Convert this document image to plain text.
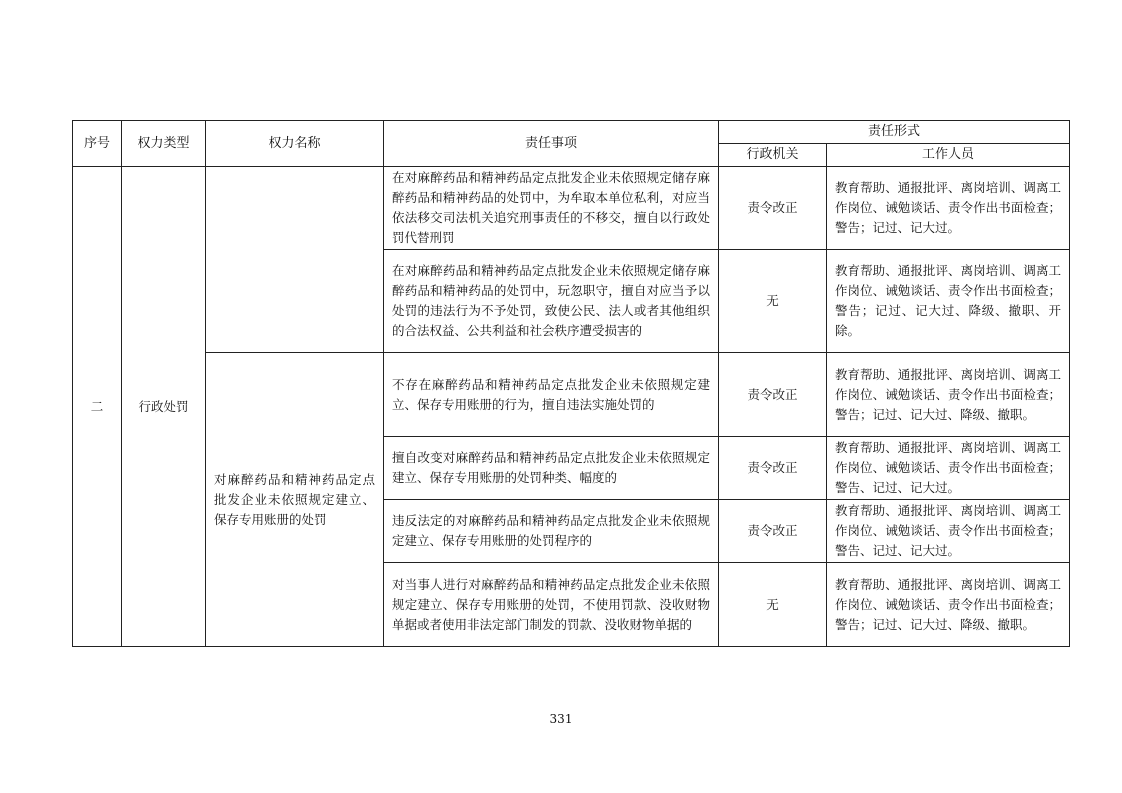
序号	权力类型	权力名称	责任事项	责任形式	
				行政机关	工作人员
二	行政处罚		在对麻醉药品和精神药品定点批发企业未依照规定储存麻醉药品和精神药品的处罚中，为牟取本单位私利，对应当依法移交司法机关追究刑事责任的不移交，擅自以行政处罚代替刑罚	责令改正	教育帮助、通报批评、离岗培训、调离工作岗位、诫勉谈话、责令作出书面检查；警告；记过、记大过。
			在对麻醉药品和精神药品定点批发企业未依照规定储存麻醉药品和精神药品的处罚中，玩忽职守，擅自对应当予以处罚的违法行为不予处罚，致使公民、法人或者其他组织的合法权益、公共利益和社会秩序遭受损害的	无	教育帮助、通报批评、离岗培训、调离工作岗位、诫勉谈话、责令作出书面检查；警告；记过、记大过、降级、撤职、开除。
		对麻醉药品和精神药品定点批发企业未依照规定建立、保存专用账册的处罚	不存在麻醉药品和精神药品定点批发企业未依照规定建立、保存专用账册的行为，擅自违法实施处罚的	责令改正	教育帮助、通报批评、离岗培训、调离工作岗位、诫勉谈话、责令作出书面检查；警告；记过、记大过、降级、撤职。
			擅自改变对麻醉药品和精神药品定点批发企业未依照规定建立、保存专用账册的处罚种类、幅度的	责令改正	教育帮助、通报批评、离岗培训、调离工作岗位、诫勉谈话、责令作出书面检查；警告、记过、记大过。
			违反法定的对麻醉药品和精神药品定点批发企业未依照规定建立、保存专用账册的处罚程序的	责令改正	教育帮助、通报批评、离岗培训、调离工作岗位、诫勉谈话、责令作出书面检查；警告、记过、记大过。
			对当事人进行对麻醉药品和精神药品定点批发企业未依照规定建立、保存专用账册的处罚，不使用罚款、没收财物单据或者使用非法定部门制发的罚款、没收财物单据的	无	教育帮助、通报批评、离岗培训、调离工作岗位、诫勉谈话、责令作出书面检查；警告；记过、记大过、降级、撤职。
331
